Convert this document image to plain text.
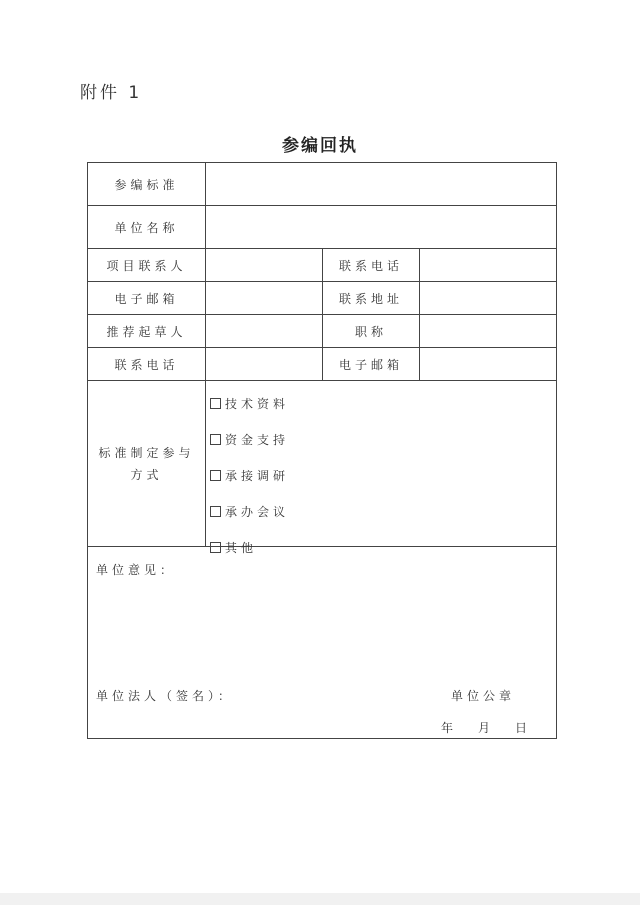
附件 1
参编回执
参编标准
单位名称
项目联系人	联系电话
电子邮箱	联系地址
推荐起草人	职称
联系电话	电子邮箱
标准制定参与
方式
技术资料
资金支持
承接调研
承办会议
其他
单位意见：
单位法人（签名）：	单位公章
年 月 日
